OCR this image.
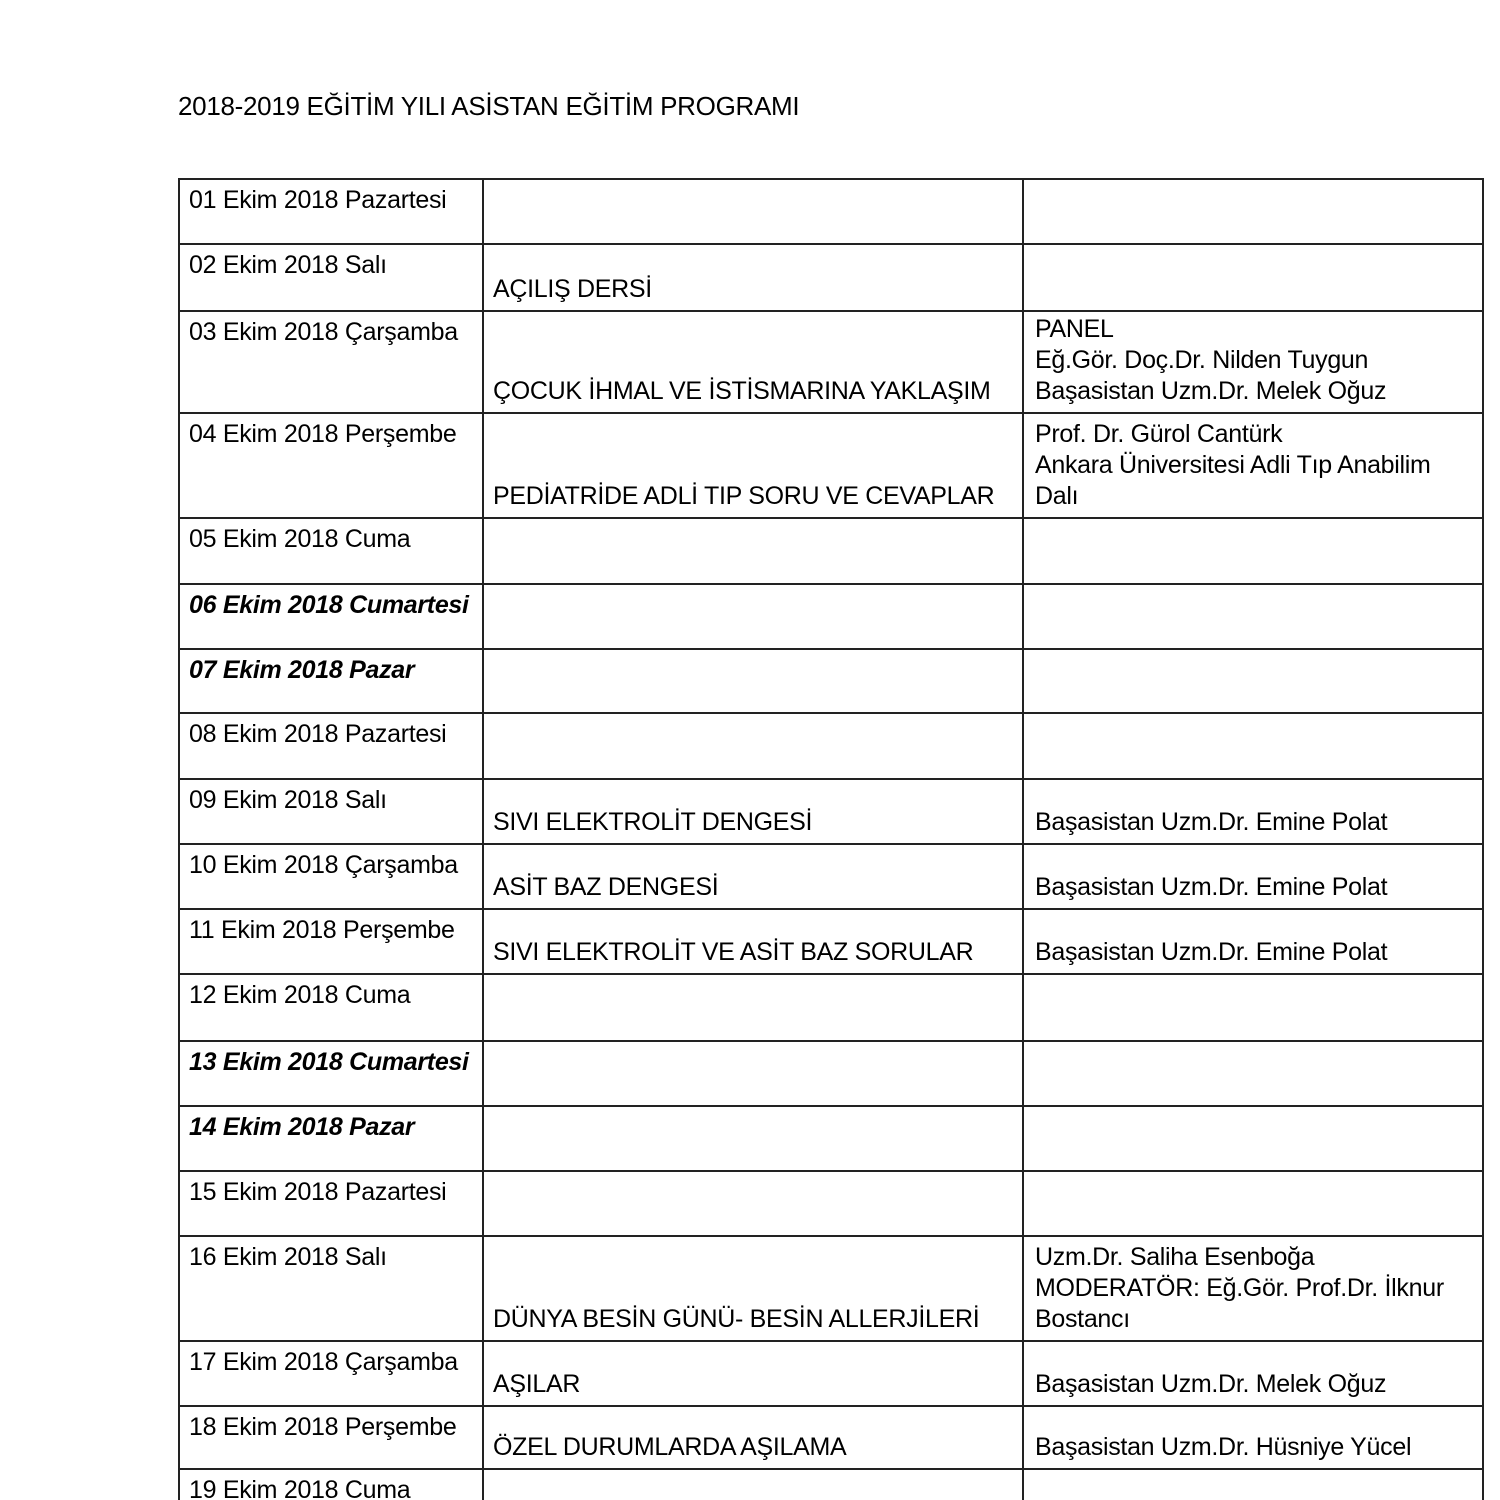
2018-2019 EĞİTİM YILI ASİSTAN EĞİTİM PROGRAMI
01 Ekim 2018 Pazartesi		

02 Ekim 2018 Salı	AÇILIŞ DERSİ	

03 Ekim 2018 Çarşamba	ÇOCUK İHMAL VE İSTİSMARINA YAKLAŞIM	PANEL
Eğ.Gör. Doç.Dr. Nilden Tuygun
Başasistan Uzm.Dr. Melek Oğuz

04 Ekim 2018 Perşembe	PEDİATRİDE ADLİ TIP SORU VE CEVAPLAR	Prof. Dr. Gürol Cantürk
Ankara Üniversitesi Adli Tıp Anabilim Dalı

05 Ekim 2018 Cuma		

06 Ekim 2018 Cumartesi		

07 Ekim 2018 Pazar		

08 Ekim 2018 Pazartesi		

09 Ekim 2018 Salı	SIVI ELEKTROLİT DENGESİ	Başasistan Uzm.Dr. Emine Polat

10 Ekim 2018 Çarşamba	ASİT BAZ DENGESİ	Başasistan Uzm.Dr. Emine Polat

11 Ekim 2018 Perşembe	SIVI ELEKTROLİT VE ASİT BAZ SORULAR	Başasistan Uzm.Dr. Emine Polat

12 Ekim 2018 Cuma		

13 Ekim 2018 Cumartesi		

14 Ekim 2018 Pazar		

15 Ekim 2018 Pazartesi		

16 Ekim 2018 Salı	DÜNYA BESİN GÜNÜ- BESİN ALLERJİLERİ	Uzm.Dr. Saliha Esenboğa
MODERATÖR: Eğ.Gör. Prof.Dr. İlknur Bostancı

17 Ekim 2018 Çarşamba	AŞILAR	Başasistan Uzm.Dr. Melek Oğuz

18 Ekim 2018 Perşembe	ÖZEL DURUMLARDA AŞILAMA	Başasistan Uzm.Dr. Hüsniye Yücel

19 Ekim 2018 Cuma		
